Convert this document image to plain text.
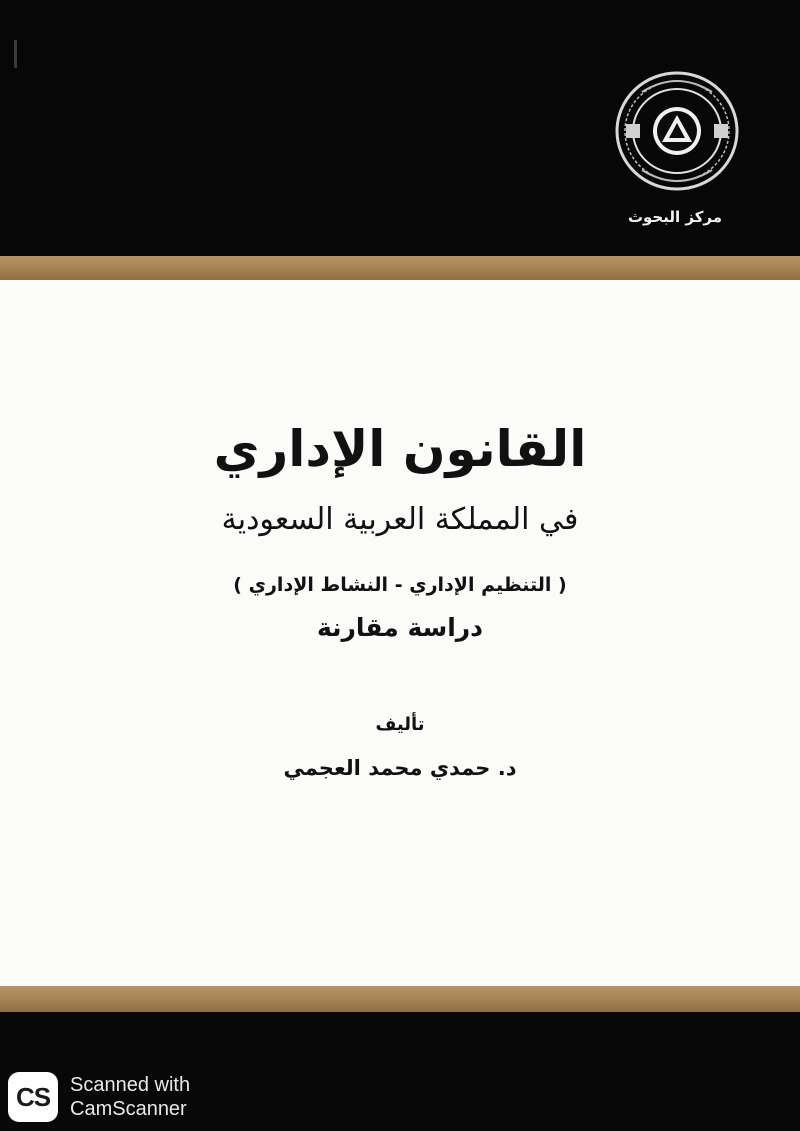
مركز البحوث
القانون الإداري
في المملكة العربية السعودية
( التنظيم الإداري - النشاط الإداري )
دراسة مقارنة
تأليف
د. حمدي محمد العجمي
CS Scanned with
CamScanner
